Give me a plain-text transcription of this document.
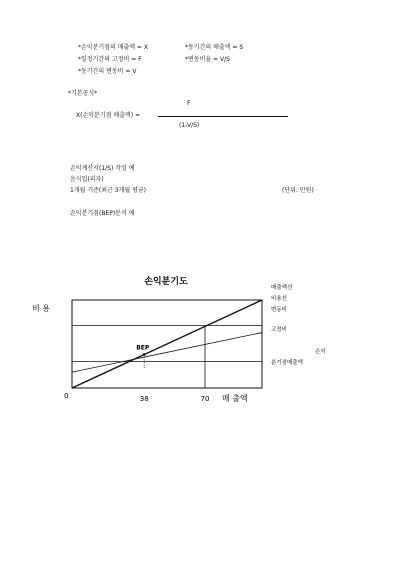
*손익분기점의 매출액 = X
*일정기간의 고정비 = F
*동기간의 변동비 = V
*동기간의 매출액 = S
*변동비율 = V/S
*기본공식*
F
X(손익분기점 매출액) =
(1-V/S)
손익계산서(1/S) 작성 예
음식업(피자)
1개월 기준(최근 3개월 평균)	(단위: 만원)
손익분기점(BEP)분석 예
손익분기도
비 용
매 출액
0
BEP
38	70
매출액선
비용선
변동비
고정비
손익
분기점매출액
